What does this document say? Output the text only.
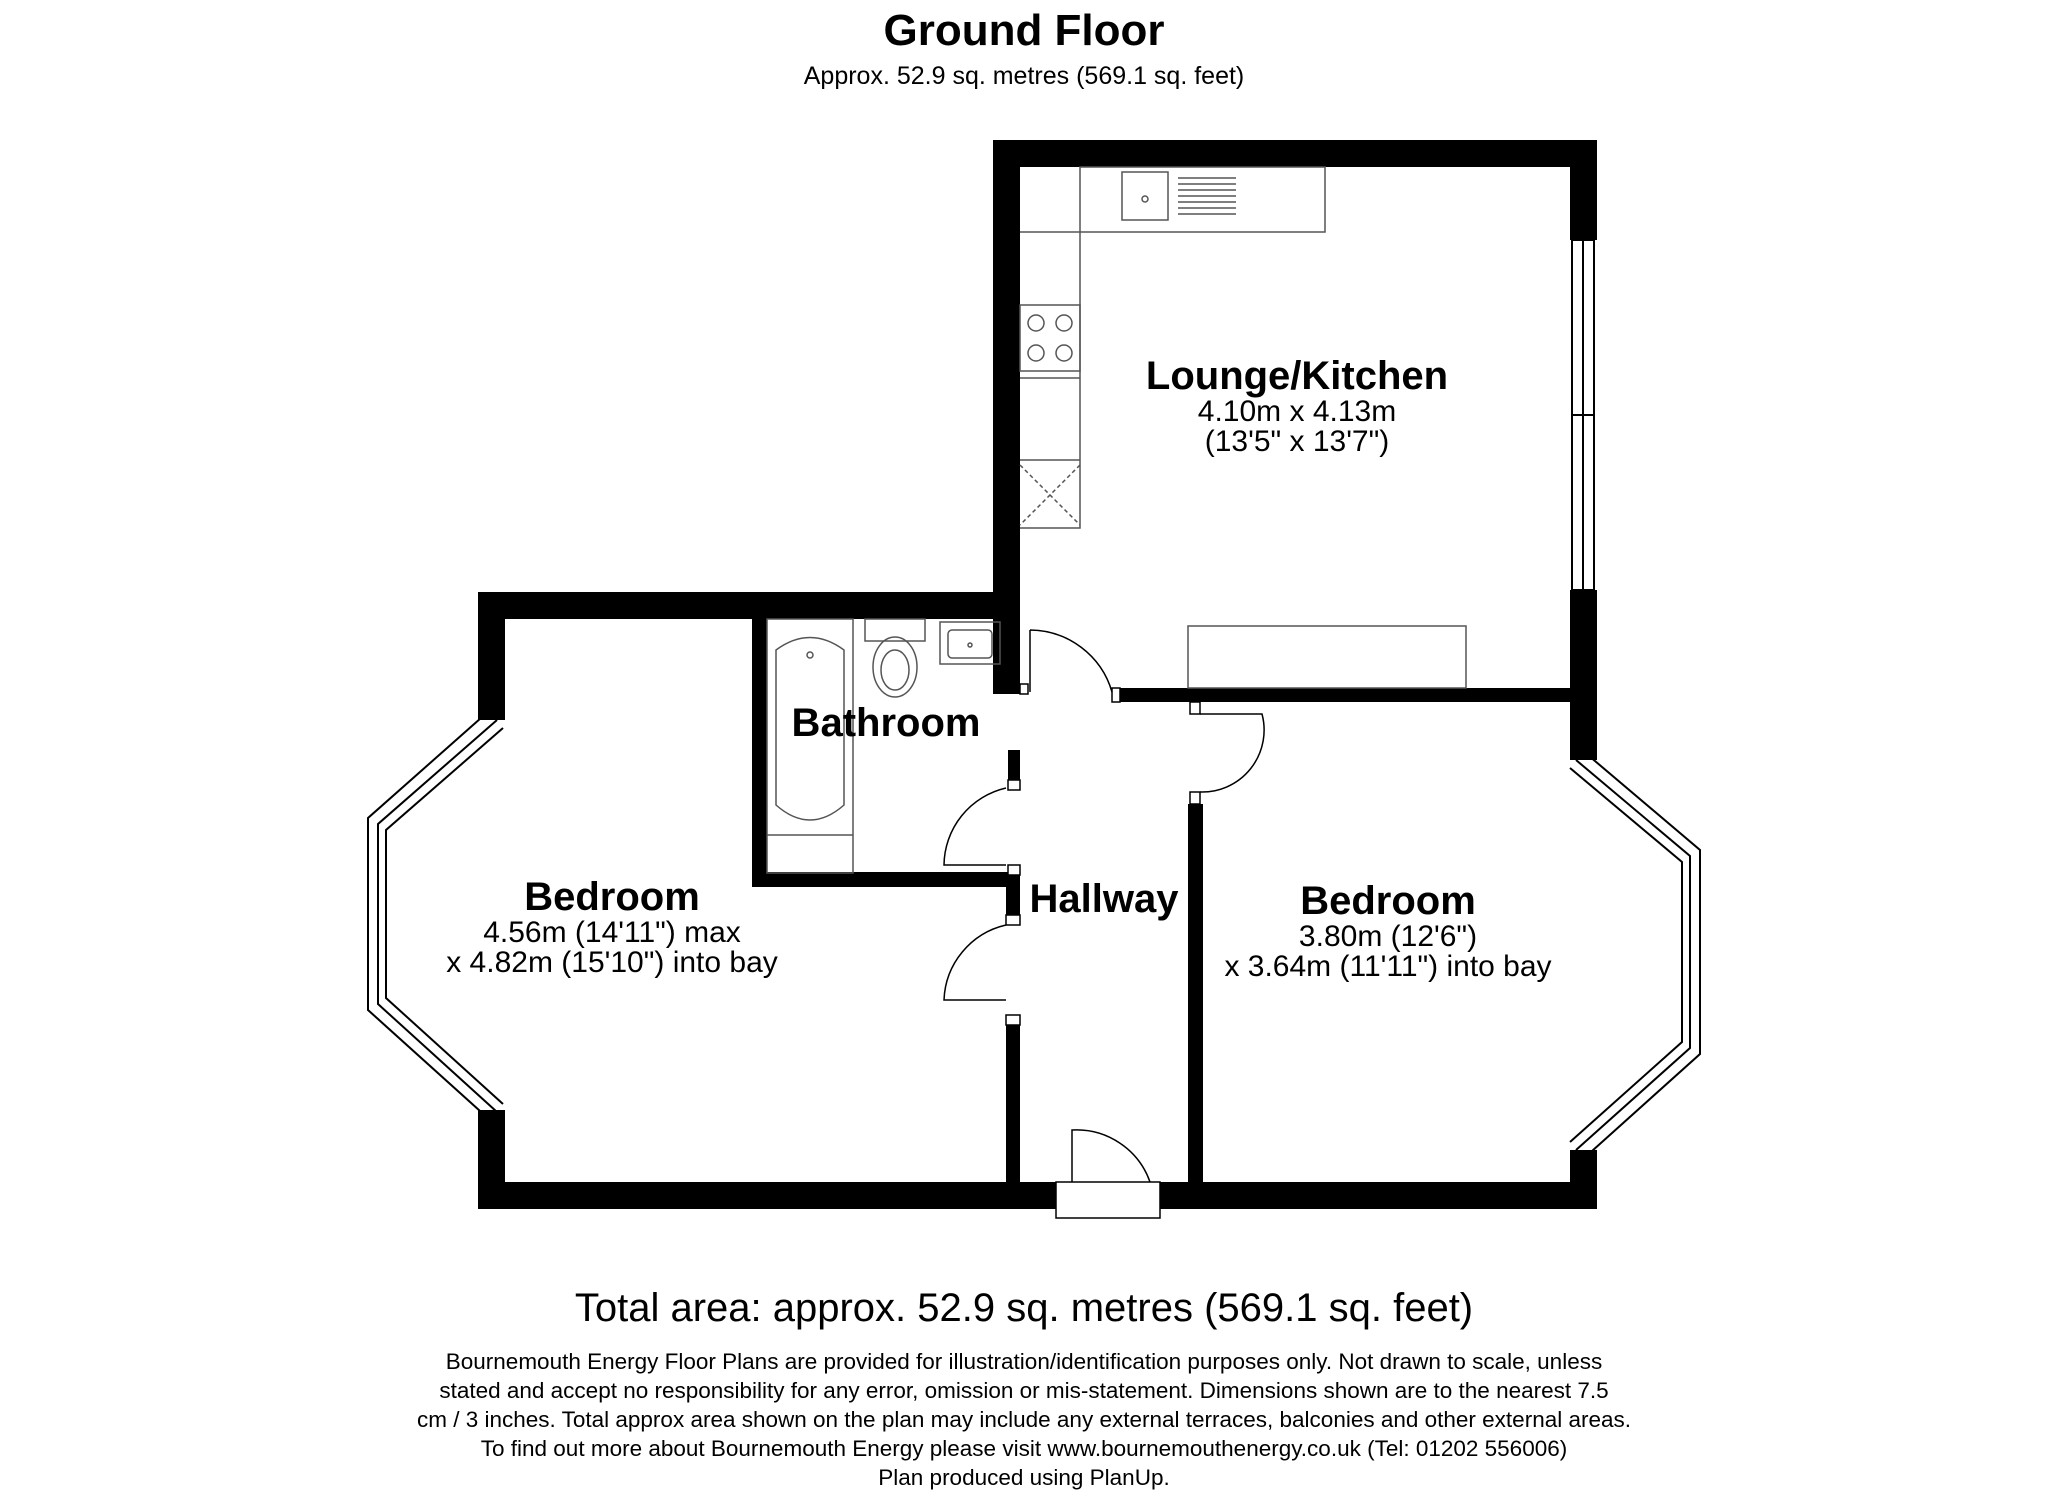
Ground Floor
Approx. 52.9 sq. metres (569.1 sq. feet)
Lounge/Kitchen
4.10m x 4.13m
(13'5" x 13'7")
Bathroom
Hallway
Bedroom
4.56m (14'11") max
x 4.82m (15'10") into bay
Bedroom
3.80m (12'6")
x 3.64m (11'11") into bay
Total area: approx. 52.9 sq. metres (569.1 sq. feet)
Bournemouth Energy Floor Plans are provided for illustration/identification purposes only. Not drawn to scale, unless
stated and accept no responsibility for any error, omission or mis-statement. Dimensions shown are to the nearest 7.5
cm / 3 inches. Total approx area shown on the plan may include any external terraces, balconies and other external areas.
To find out more about Bournemouth Energy please visit www.bournemouthenergy.co.uk (Tel: 01202 556006)
Plan produced using PlanUp.
